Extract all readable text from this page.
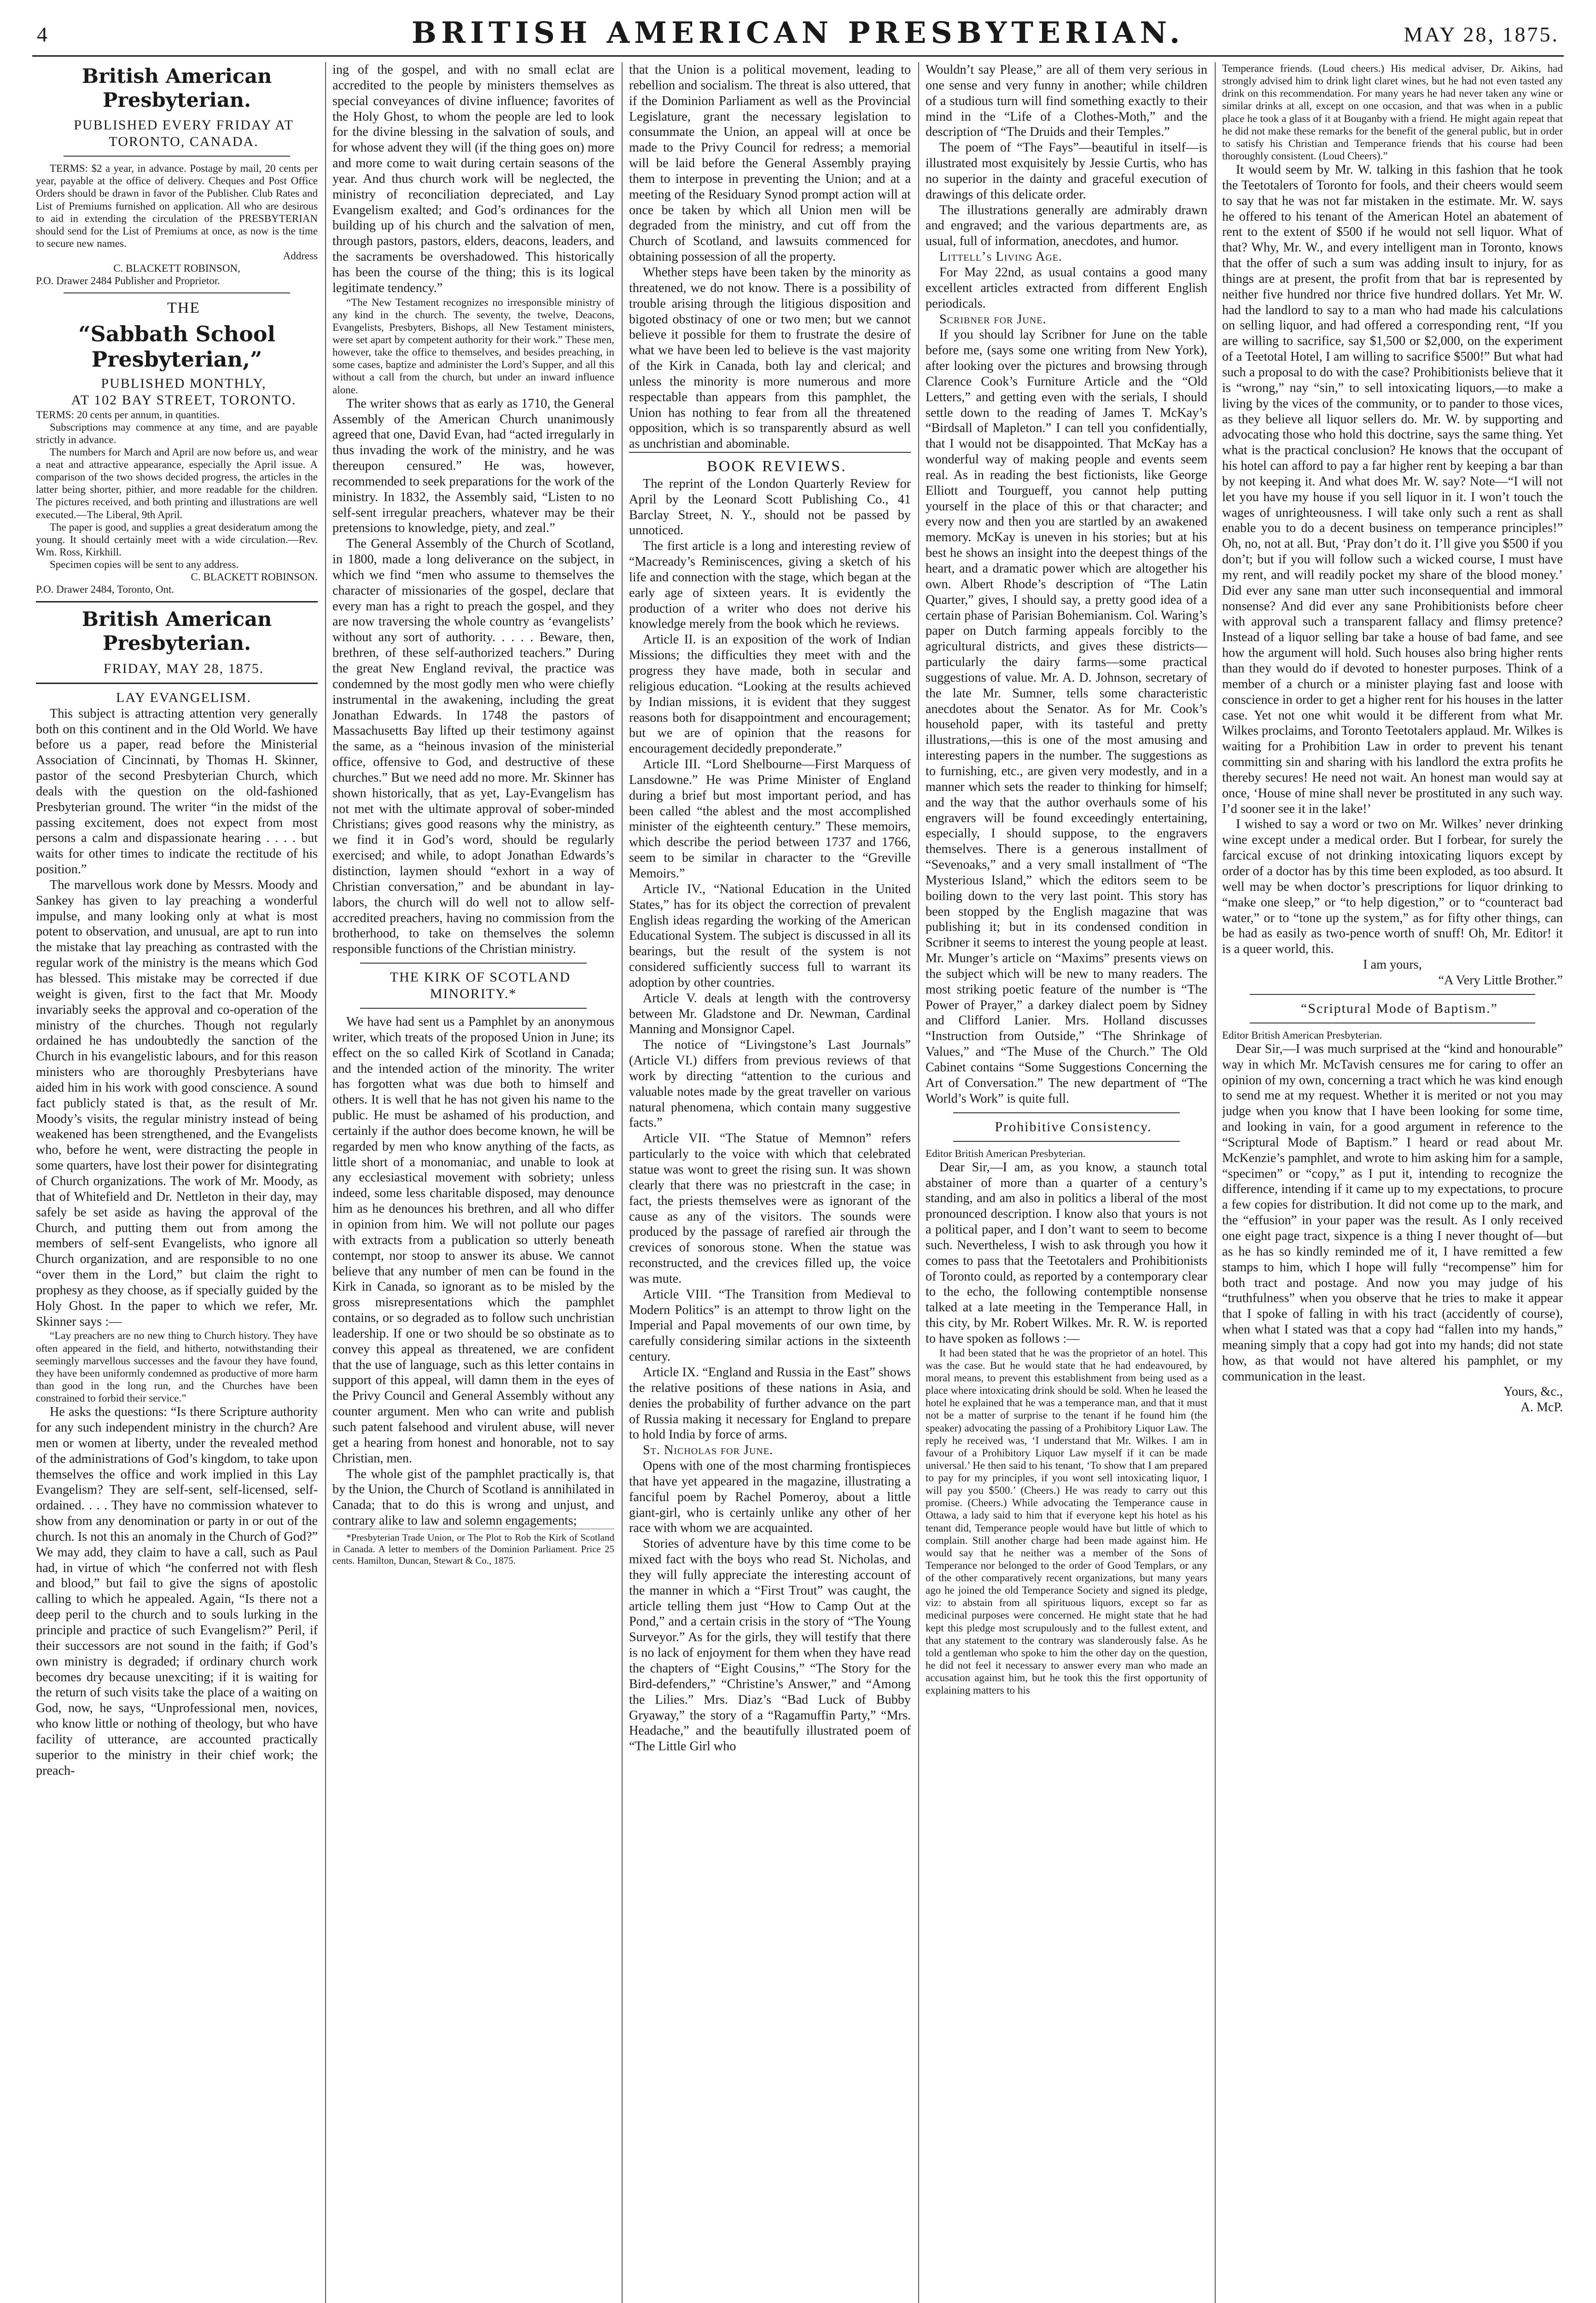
4	BRITISH AMERICAN PRESBYTERIAN.	MAY 28, 1875.
British American Presbyterian.

PUBLISHED EVERY FRIDAY AT

TORONTO, CANADA.

TERMS: $2 a year, in advance. Postage by mail, 20 cents per year, payable at the office of delivery. Cheques and Post Office Orders should be drawn in favor of the Publisher. Club Rates and List of Premiums furnished on application. All who are desirous to aid in extending the circulation of the PRESBYTERIAN should send for the List of Premiums at once, as now is the time to secure new names.

Address

C. BLACKETT ROBINSON,

P.O. Drawer 2484 Publisher and Proprietor.

THE

“Sabbath School Presbyterian,”

PUBLISHED MONTHLY,

AT 102 BAY STREET, TORONTO.

TERMS: 20 cents per annum, in quantities.

Subscriptions may commence at any time, and are payable strictly in advance.

The numbers for March and April are now before us, and wear a neat and attractive appearance, especially the April issue. A comparison of the two shows decided progress, the articles in the latter being shorter, pithier, and more readable for the children. The pictures received, and both printing and illustrations are well executed.—The Liberal, 9th April.

The paper is good, and supplies a great desideratum among the young. It should certainly meet with a wide circulation.—Rev. Wm. Ross, Kirkhill.

Specimen copies will be sent to any address.

C. BLACKETT ROBINSON.

P.O. Drawer 2484, Toronto, Ont.

British American Presbyterian.

FRIDAY, MAY 28, 1875.

LAY EVANGELISM.

This subject is attracting attention very generally both on this continent and in the Old World. We have before us a paper, read before the Ministerial Association of Cincinnati, by Thomas H. Skinner, pastor of the second Presbyterian Church, which deals with the question on the old-fashioned Presbyterian ground. The writer “in the midst of the passing excitement, does not expect from most persons a calm and dispassionate hearing . . . . but waits for other times to indicate the rectitude of his position.”

The marvellous work done by Messrs. Moody and Sankey has given to lay preaching a wonderful impulse, and many looking only at what is most potent to observation, and unusual, are apt to run into the mistake that lay preaching as contrasted with the regular work of the ministry is the means which God has blessed. This mistake may be corrected if due weight is given, first to the fact that Mr. Moody invariably seeks the approval and co-operation of the ministry of the churches. Though not regularly ordained he has undoubtedly the sanction of the Church in his evangelistic labours, and for this reason ministers who are thoroughly Presbyterians have aided him in his work with good conscience. A sound fact publicly stated is that, as the result of Mr. Moody’s visits, the regular ministry instead of being weakened has been strengthened, and the Evangelists who, before he went, were distracting the people in some quarters, have lost their power for disintegrating of Church organizations. The work of Mr. Moody, as that of Whitefield and Dr. Nettleton in their day, may safely be set aside as having the approval of the Church, and putting them out from among the members of self-sent Evangelists, who ignore all Church organization, and are responsible to no one “over them in the Lord,” but claim the right to prophesy as they choose, as if specially guided by the Holy Ghost. In the paper to which we refer, Mr. Skinner says :—

“Lay preachers are no new thing to Church history. They have often appeared in the field, and hitherto, notwithstanding their seemingly marvellous successes and the favour they have found, they have been uniformly condemned as productive of more harm than good in the long run, and the Churches have been constrained to forbid their service.”

He asks the questions: “Is there Scripture authority for any such independent ministry in the church? Are men or women at liberty, under the revealed method of the administrations of God’s kingdom, to take upon themselves the office and work implied in this Lay Evangelism? They are self-sent, self-licensed, self-ordained. . . . They have no commission whatever to show from any denomination or party in or out of the church. Is not this an anomaly in the Church of God?” We may add, they claim to have a call, such as Paul had, in virtue of which “he conferred not with flesh and blood,” but fail to give the signs of apostolic calling to which he appealed. Again, “Is there not a deep peril to the church and to souls lurking in the principle and practice of such Evangelism?” Peril, if their successors are not sound in the faith; if God’s own ministry is degraded; if ordinary church work becomes dry because unexciting; if it is waiting for the return of such visits take the place of a waiting on God, now, he says, “Unprofessional men, novices, who know little or nothing of theology, but who have facility of utterance, are accounted practically superior to the ministry in their chief work; the preach-

ing of the gospel, and with no small eclat are accredited to the people by ministers themselves as special conveyances of divine influence; favorites of the Holy Ghost, to whom the people are led to look for the divine blessing in the salvation of souls, and for whose advent they will (if the thing goes on) more and more come to wait during certain seasons of the year. And thus church work will be neglected, the ministry of reconciliation depreciated, and Lay Evangelism exalted; and God’s ordinances for the building up of his church and the salvation of men, through pastors, pastors, elders, deacons, leaders, and the sacraments be overshadowed. This historically has been the course of the thing; this is its logical legitimate tendency.”

“The New Testament recognizes no irresponsible ministry of any kind in the church. The seventy, the twelve, Deacons, Evangelists, Presbyters, Bishops, all New Testament ministers, were set apart by competent authority for their work.” These men, however, take the office to themselves, and besides preaching, in some cases, baptize and administer the Lord’s Supper, and all this without a call from the church, but under an inward influence alone.

The writer shows that as early as 1710, the General Assembly of the American Church unanimously agreed that one, David Evan, had “acted irregularly in thus invading the work of the ministry, and he was thereupon censured.” He was, however, recommended to seek preparations for the work of the ministry. In 1832, the Assembly said, “Listen to no self-sent irregular preachers, whatever may be their pretensions to knowledge, piety, and zeal.”

The General Assembly of the Church of Scotland, in 1800, made a long deliverance on the subject, in which we find “men who assume to themselves the character of missionaries of the gospel, declare that every man has a right to preach the gospel, and they are now traversing the whole country as ‘evangelists’ without any sort of authority. . . . . Beware, then, brethren, of these self-authorized teachers.” During the great New England revival, the practice was condemned by the most godly men who were chiefly instrumental in the awakening, including the great Jonathan Edwards. In 1748 the pastors of Massachusetts Bay lifted up their testimony against the same, as a “heinous invasion of the ministerial office, offensive to God, and destructive of these churches.” But we need add no more. Mr. Skinner has shown historically, that as yet, Lay-Evangelism has not met with the ultimate approval of sober-minded Christians; gives good reasons why the ministry, as we find it in God’s word, should be regularly exercised; and while, to adopt Jonathan Edwards’s distinction, laymen should “exhort in a way of Christian conversation,” and be abundant in lay-labors, the church will do well not to allow self-accredited preachers, having no commission from the brotherhood, to take on themselves the solemn responsible functions of the Christian ministry.

THE KIRK OF SCOTLAND MINORITY.*

We have had sent us a Pamphlet by an anonymous writer, which treats of the proposed Union in June; its effect on the so called Kirk of Scotland in Canada; and the intended action of the minority. The writer has forgotten what was due both to himself and others. It is well that he has not given his name to the public. He must be ashamed of his production, and certainly if the author does become known, he will be regarded by men who know anything of the facts, as little short of a monomaniac, and unable to look at any ecclesiastical movement with sobriety; unless indeed, some less charitable disposed, may denounce him as he denounces his brethren, and all who differ in opinion from him. We will not pollute our pages with extracts from a publication so utterly beneath contempt, nor stoop to answer its abuse. We cannot believe that any number of men can be found in the Kirk in Canada, so ignorant as to be misled by the gross misrepresentations which the pamphlet contains, or so degraded as to follow such unchristian leadership. If one or two should be so obstinate as to convey this appeal as threatened, we are confident that the use of language, such as this letter contains in support of this appeal, will damn them in the eyes of the Privy Council and General Assembly without any counter argument. Men who can write and publish such patent falsehood and virulent abuse, will never get a hearing from honest and honorable, not to say Christian, men.

The whole gist of the pamphlet practically is, that by the Union, the Church of Scotland is annihilated in Canada; that to do this is wrong and unjust, and contrary alike to law and solemn engagements;

*Presbyterian Trade Union, or The Plot to Rob the Kirk of Scotland in Canada. A letter to members of the Dominion Parliament. Price 25 cents. Hamilton, Duncan, Stewart & Co., 1875.

that the Union is a political movement, leading to rebellion and socialism. The threat is also uttered, that if the Dominion Parliament as well as the Provincial Legislature, grant the necessary legislation to consummate the Union, an appeal will at once be made to the Privy Council for redress; a memorial will be laid before the General Assembly praying them to interpose in preventing the Union; and at a meeting of the Residuary Synod prompt action will at once be taken by which all Union men will be degraded from the ministry, and cut off from the Church of Scotland, and lawsuits commenced for obtaining possession of all the property.

Whether steps have been taken by the minority as threatened, we do not know. There is a possibility of trouble arising through the litigious disposition and bigoted obstinacy of one or two men; but we cannot believe it possible for them to frustrate the desire of what we have been led to believe is the vast majority of the Kirk in Canada, both lay and clerical; and unless the minority is more numerous and more respectable than appears from this pamphlet, the Union has nothing to fear from all the threatened opposition, which is so transparently absurd as well as unchristian and abominable.

BOOK REVIEWS.

The reprint of the London Quarterly Review for April by the Leonard Scott Publishing Co., 41 Barclay Street, N. Y., should not be passed by unnoticed.

The first article is a long and interesting review of “Macready’s Reminiscences, giving a sketch of his life and connection with the stage, which began at the early age of sixteen years. It is evidently the production of a writer who does not derive his knowledge merely from the book which he reviews.

Article II. is an exposition of the work of Indian Missions; the difficulties they meet with and the progress they have made, both in secular and religious education. “Looking at the results achieved by Indian missions, it is evident that they suggest reasons both for disappointment and encouragement; but we are of opinion that the reasons for encouragement decidedly preponderate.”

Article III. “Lord Shelbourne—First Marquess of Lansdowne.” He was Prime Minister of England during a brief but most important period, and has been called “the ablest and the most accomplished minister of the eighteenth century.” These memoirs, which describe the period between 1737 and 1766, seem to be similar in character to the “Greville Memoirs.”

Article IV., “National Education in the United States,” has for its object the correction of prevalent English ideas regarding the working of the American Educational System. The subject is discussed in all its bearings, but the result of the system is not considered sufficiently success full to warrant its adoption by other countries.

Article V. deals at length with the controversy between Mr. Gladstone and Dr. Newman, Cardinal Manning and Monsignor Capel.

The notice of “Livingstone’s Last Journals” (Article VI.) differs from previous reviews of that work by directing “attention to the curious and valuable notes made by the great traveller on various natural phenomena, which contain many suggestive facts.”

Article VII. “The Statue of Memnon” refers particularly to the voice with which that celebrated statue was wont to greet the rising sun. It was shown clearly that there was no priestcraft in the case; in fact, the priests themselves were as ignorant of the cause as any of the visitors. The sounds were produced by the passage of rarefied air through the crevices of sonorous stone. When the statue was reconstructed, and the crevices filled up, the voice was mute.

Article VIII. “The Transition from Medieval to Modern Politics” is an attempt to throw light on the Imperial and Papal movements of our own time, by carefully considering similar actions in the sixteenth century.

Article IX. “England and Russia in the East” shows the relative positions of these nations in Asia, and denies the probability of further advance on the part of Russia making it necessary for England to prepare to hold India by force of arms.

St. Nicholas for June.

Opens with one of the most charming frontispieces that have yet appeared in the magazine, illustrating a fanciful poem by Rachel Pomeroy, about a little giant-girl, who is certainly unlike any other of her race with whom we are acquainted.

Stories of adventure have by this time come to be mixed fact with the boys who read St. Nicholas, and they will fully appreciate the interesting account of the manner in which a “First Trout” was caught, the article telling them just “How to Camp Out at the Pond,” and a certain crisis in the story of “The Young Surveyor.” As for the girls, they will testify that there is no lack of enjoyment for them when they have read the chapters of “Eight Cousins,” “The Story for the Bird-defenders,” “Christine’s Answer,” and “Among the Lilies.” Mrs. Diaz’s “Bad Luck of Bubby Gryaway,” the story of a “Ragamuffin Party,” “Mrs. Headache,” and the beautifully illustrated poem of “The Little Girl who

Wouldn’t say Please,” are all of them very serious in one sense and very funny in another; while children of a studious turn will find something exactly to their mind in the “Life of a Clothes-Moth,” and the description of “The Druids and their Temples.”

The poem of “The Fays”—beautiful in itself—is illustrated most exquisitely by Jessie Curtis, who has no superior in the dainty and graceful execution of drawings of this delicate order.

The illustrations generally are admirably drawn and engraved; and the various departments are, as usual, full of information, anecdotes, and humor.

Littell’s Living Age.

For May 22nd, as usual contains a good many excellent articles extracted from different English periodicals.

Scribner for June.

If you should lay Scribner for June on the table before me, (says some one writing from New York), after looking over the pictures and browsing through Clarence Cook’s Furniture Article and the “Old Letters,” and getting even with the serials, I should settle down to the reading of James T. McKay’s “Birdsall of Mapleton.” I can tell you confidentially, that I would not be disappointed. That McKay has a wonderful way of making people and events seem real. As in reading the best fictionists, like George Elliott and Tourgueff, you cannot help putting yourself in the place of this or that character; and every now and then you are startled by an awakened memory. McKay is uneven in his stories; but at his best he shows an insight into the deepest things of the heart, and a dramatic power which are altogether his own. Albert Rhode’s description of “The Latin Quarter,” gives, I should say, a pretty good idea of a certain phase of Parisian Bohemianism. Col. Waring’s paper on Dutch farming appeals forcibly to the agricultural districts, and gives these districts—particularly the dairy farms—some practical suggestions of value. Mr. A. D. Johnson, secretary of the late Mr. Sumner, tells some characteristic anecdotes about the Senator. As for Mr. Cook’s household paper, with its tasteful and pretty illustrations,—this is one of the most amusing and interesting papers in the number. The suggestions as to furnishing, etc., are given very modestly, and in a manner which sets the reader to thinking for himself; and the way that the author overhauls some of his engravers will be found exceedingly entertaining, especially, I should suppose, to the engravers themselves. There is a generous installment of “Sevenoaks,” and a very small installment of “The Mysterious Island,” which the editors seem to be boiling down to the very last point. This story has been stopped by the English magazine that was publishing it; but in its condensed condition in Scribner it seems to interest the young people at least. Mr. Munger’s article on “Maxims” presents views on the subject which will be new to many readers. The most striking poetic feature of the number is “The Power of Prayer,” a darkey dialect poem by Sidney and Clifford Lanier. Mrs. Holland discusses “Instruction from Outside,” “The Shrinkage of Values,” and “The Muse of the Church.” The Old Cabinet contains “Some Suggestions Concerning the Art of Conversation.” The new department of “The World’s Work” is quite full.

Prohibitive Consistency.

Editor British American Presbyterian.

Dear Sir,—I am, as you know, a staunch total abstainer of more than a quarter of a century’s standing, and am also in politics a liberal of the most pronounced description. I know also that yours is not a political paper, and I don’t want to seem to become such. Nevertheless, I wish to ask through you how it comes to pass that the Teetotalers and Prohibitionists of Toronto could, as reported by a contemporary clear to the echo, the following contemptible nonsense talked at a late meeting in the Temperance Hall, in this city, by Mr. Robert Wilkes. Mr. R. W. is reported to have spoken as follows :—

It had been stated that he was the proprietor of an hotel. This was the case. But he would state that he had endeavoured, by moral means, to prevent this establishment from being used as a place where intoxicating drink should be sold. When he leased the hotel he explained that he was a temperance man, and that it must not be a matter of surprise to the tenant if he found him (the speaker) advocating the passing of a Prohibitory Liquor Law. The reply he received was, ‘I understand that Mr. Wilkes. I am in favour of a Prohibitory Liquor Law myself if it can be made universal.’ He then said to his tenant, ‘To show that I am prepared to pay for my principles, if you wont sell intoxicating liquor, I will pay you $500.’ (Cheers.) He was ready to carry out this promise. (Cheers.) While advocating the Temperance cause in Ottawa, a lady said to him that if everyone kept his hotel as his tenant did, Temperance people would have but little of which to complain. Still another charge had been made against him. He would say that he neither was a member of the Sons of Temperance nor belonged to the order of Good Templars, or any of the other comparatively recent organizations, but many years ago he joined the old Temperance Society and signed its pledge, viz: to abstain from all spirituous liquors, except so far as medicinal purposes were concerned. He might state that he had kept this pledge most scrupulously and to the fullest extent, and that any statement to the contrary was slanderously false. As he told a gentleman who spoke to him the other day on the question, he did not feel it necessary to answer every man who made an accusation against him, but he took this the first opportunity of explaining matters to his

Temperance friends. (Loud cheers.) His medical adviser, Dr. Aikins, had strongly advised him to drink light claret wines, but he had not even tasted any drink on this recommendation. For many years he had never taken any wine or similar drinks at all, except on one occasion, and that was when in a public place he took a glass of it at Bouganby with a friend. He might again repeat that he did not make these remarks for the benefit of the general public, but in order to satisfy his Christian and Temperance friends that his course had been thoroughly consistent. (Loud Cheers).”

It would seem by Mr. W. talking in this fashion that he took the Teetotalers of Toronto for fools, and their cheers would seem to say that he was not far mistaken in the estimate. Mr. W. says he offered to his tenant of the American Hotel an abatement of rent to the extent of $500 if he would not sell liquor. What of that? Why, Mr. W., and every intelligent man in Toronto, knows that the offer of such a sum was adding insult to injury, for as things are at present, the profit from that bar is represented by neither five hundred nor thrice five hundred dollars. Yet Mr. W. had the landlord to say to a man who had made his calculations on selling liquor, and had offered a corresponding rent, “If you are willing to sacrifice, say $1,500 or $2,000, on the experiment of a Teetotal Hotel, I am willing to sacrifice $500!” But what had such a proposal to do with the case? Prohibitionists believe that it is “wrong,” nay “sin,” to sell intoxicating liquors,—to make a living by the vices of the community, or to pander to those vices, as they believe all liquor sellers do. Mr. W. by supporting and advocating those who hold this doctrine, says the same thing. Yet what is the practical conclusion? He knows that the occupant of his hotel can afford to pay a far higher rent by keeping a bar than by not keeping it. And what does Mr. W. say? Note—“I will not let you have my house if you sell liquor in it. I won’t touch the wages of unrighteousness. I will take only such a rent as shall enable you to do a decent business on temperance principles!” Oh, no, not at all. But, ‘Pray don’t do it. I’ll give you $500 if you don’t; but if you will follow such a wicked course, I must have my rent, and will readily pocket my share of the blood money.’ Did ever any sane man utter such inconsequential and immoral nonsense? And did ever any sane Prohibitionists before cheer with approval such a transparent fallacy and flimsy pretence? Instead of a liquor selling bar take a house of bad fame, and see how the argument will hold. Such houses also bring higher rents than they would do if devoted to honester purposes. Think of a member of a church or a minister playing fast and loose with conscience in order to get a higher rent for his houses in the latter case. Yet not one whit would it be different from what Mr. Wilkes proclaims, and Toronto Teetotalers applaud. Mr. Wilkes is waiting for a Prohibition Law in order to prevent his tenant committing sin and sharing with his landlord the extra profits he thereby secures! He need not wait. An honest man would say at once, ‘House of mine shall never be prostituted in any such way. I’d sooner see it in the lake!’

I wished to say a word or two on Mr. Wilkes’ never drinking wine except under a medical order. But I forbear, for surely the farcical excuse of not drinking intoxicating liquors except by order of a doctor has by this time been exploded, as too absurd. It well may be when doctor’s prescriptions for liquor drinking to “make one sleep,” or “to help digestion,” or to “counteract bad water,” or to “tone up the system,” as for fifty other things, can be had as easily as two-pence worth of snuff! Oh, Mr. Editor! it is a queer world, this.

I am yours,

“A Very Little Brother.”

“Scriptural Mode of Baptism.”

Editor British American Presbyterian.

Dear Sir,—I was much surprised at the “kind and honourable” way in which Mr. McTavish censures me for caring to offer an opinion of my own, concerning a tract which he was kind enough to send me at my request. Whether it is merited or not you may judge when you know that I have been looking for some time, and looking in vain, for a good argument in reference to the “Scriptural Mode of Baptism.” I heard or read about Mr. McKenzie’s pamphlet, and wrote to him asking him for a sample, “specimen” or “copy,” as I put it, intending to recognize the difference, intending if it came up to my expectations, to procure a few copies for distribution. It did not come up to the mark, and the “effusion” in your paper was the result. As I only received one eight page tract, sixpence is a thing I never thought of—but as he has so kindly reminded me of it, I have remitted a few stamps to him, which I hope will fully “recompense” him for both tract and postage. And now you may judge of his “truthfulness” when you observe that he tries to make it appear that I spoke of falling in with his tract (accidently of course), when what I stated was that a copy had “fallen into my hands,” meaning simply that a copy had got into my hands; did not state how, as that would not have altered his pamphlet, or my communication in the least.

Yours, &c.,

A. McP.
